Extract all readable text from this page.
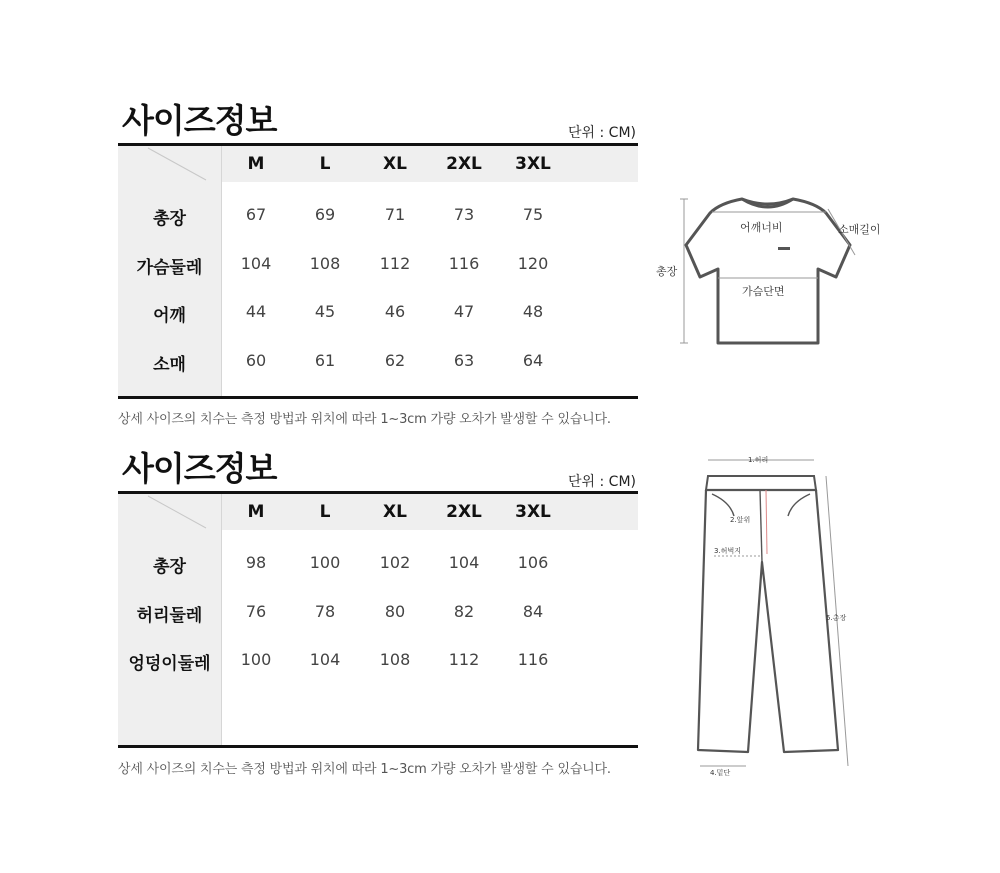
사이즈정보	단위 : CM)
M	L	XL	2XL	3XL
총장	67	69	71	73	75
가슴둘레	104	108	112	116	120
어깨	44	45	46	47	48
소매	60	61	62	63	64
상세 사이즈의 치수는 측정 방법과 위치에 따라 1~3cm 가량 오차가 발생할 수 있습니다.
사이즈정보	단위 : CM)
M	L	XL	2XL	3XL
총장	98	100	102	104	106
허리둘레	76	78	80	82	84
엉덩이둘레	100	104	108	112	116
상세 사이즈의 치수는 측정 방법과 위치에 따라 1~3cm 가량 오차가 발생할 수 있습니다.
어깨너비	소매길이
총장
가슴단면
1.허리
2.앞위
3.허벅지
5.총장
4.밑단
